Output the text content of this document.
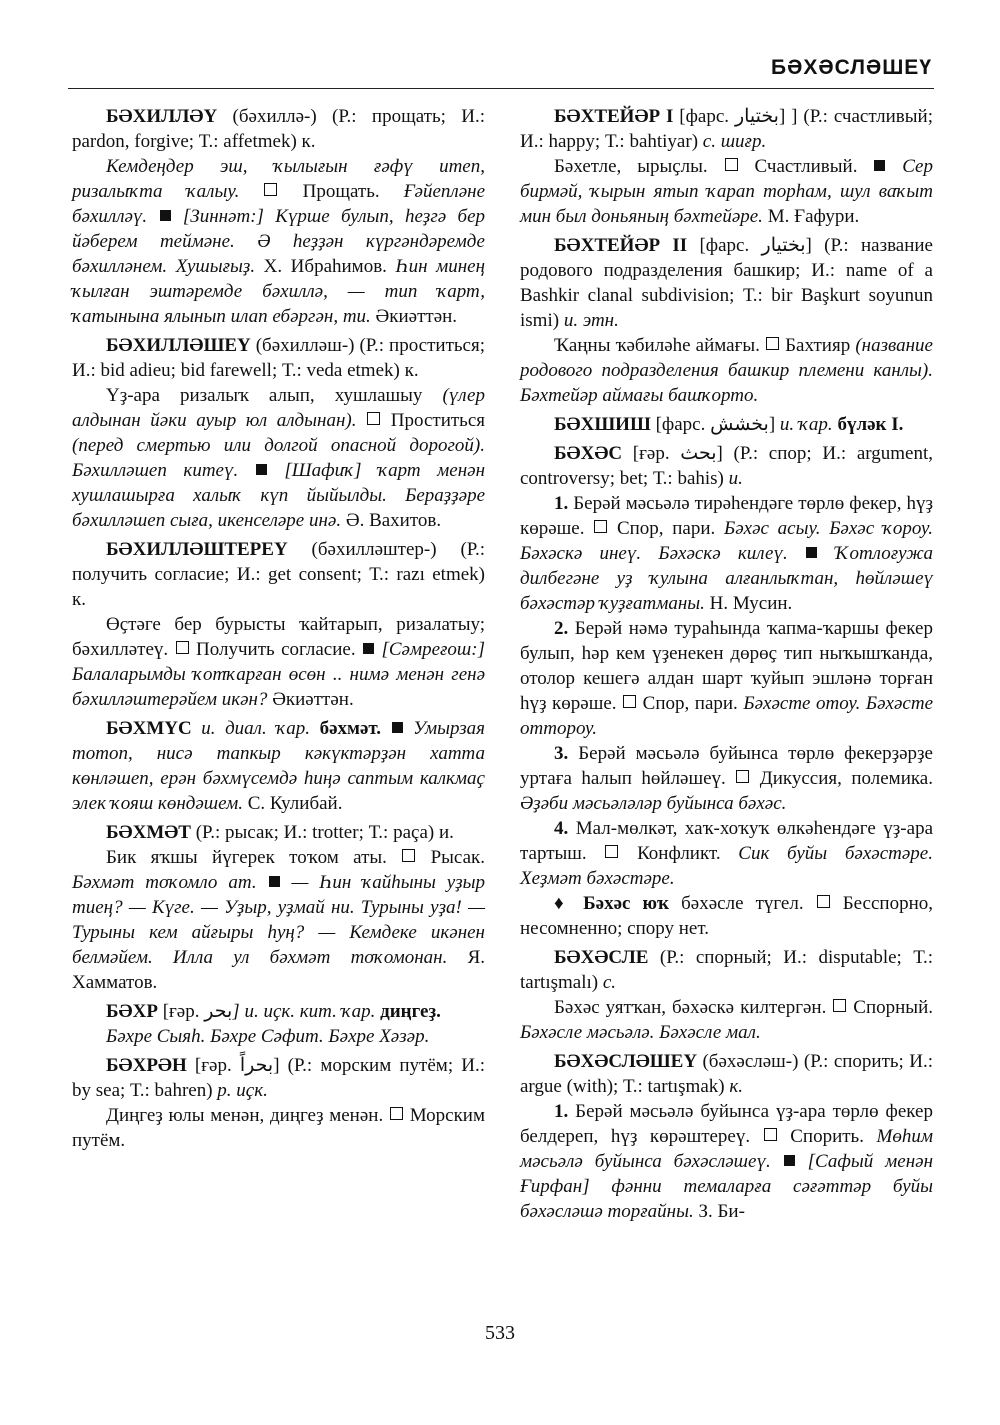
БӘХӘСЛӘШЕҮ

БӘХИЛЛӘҮ (бәхиллә-) (Р.: прощать; И.: pardon, forgive; Т.: affetmek) к.

Кемдеңдер эш, ҡылығын ғәфү итеп, ризалыҡта ҡалыу.  Прощать. Ғәйепләне бәхилләү.  [Зиннәт:] Күрше булып, һеҙгә бер йәберем теймәне. Ә һеҙҙән күргәндәремде бәхилләнем. Хушығыҙ. Х. Ибраһимов. Һин минең ҡылған эштәремде бәхиллә, — тип ҡарт, ҡатынына ялынып илап ебәргән, ти. Әкиәттән.

БӘХИЛЛӘШЕҮ (бәхилләш-) (Р.: проститься; И.: bid adieu; bid farewell; Т.: veda etmek) к.

Үҙ-ара ризалыҡ алып, хушлашыу (үлер алдынан йәки ауыр юл алдынан).  Проститься (перед смертью или долгой опасной дорогой). Бәхилләшеп китеү.  [Шафиҡ] ҡарт менән хушлашырға халыҡ күп йыйылды. Бераҙҙәре бәхилләшеп сыға, икенселәре инә. Ә. Вахитов.

БӘХИЛЛӘШТЕРЕҮ (бәхилләштер-) (Р.: получить согласие; И.: get consent; Т.: razı etmek) к.

Өҫтәге бер бурысты ҡайтарып, ризалатыу; бәхилләтеү.  Получить согласие.  [Сәмреғош:] Балаларымды ҡотҡарған өсөн .. нимә менән генә бәхилләштерәйем икән? Әкиәттән.

БӘХМҮС и. диал. ҡар. бәхмәт.  Умырзая тотоп, нисә тапкыр кәкүктәрҙән хатта көнләшеп, ерән бәхмүсемдә һиңә саптым калкмаҫ элек ҡояш көндәшем. С. Кулибай.

БӘХМӘТ (Р.: рысак; И.: trotter; Т.: paça) и.

Бик яҡшы йүгерек тоҡом аты.  Рысак. Бәхмәт тоҡомло ат.  — Һин ҡайһыны уҙыр тиең? — Күге. — Уҙыр, уҙмай ни. Турыны уҙа! — Турыны кем айғыры һуң? — Кемдеке икәнен белмәйем. Илла ул бәхмәт тоҡомонан. Я. Хамматов.

БӘХР [ғәр. بحر] и. иҫк. кит. ҡар. диңгеҙ.

Бәхре Сыяһ. Бәхре Сәфит. Бәхре Хәзәр.

БӘХРӘН [ғәр. بحراً] (Р.: морским путём; И.: by sea; Т.: bahren) р. иҫк.

Диңгеҙ юлы менән, диңгеҙ менән.  Морским путём.

БӘХТЕЙӘР I [фарс. بختيار] ] (Р.: счастливый; И.: happy; Т.: bahtiyar) с. шиғр.

Бәхетле, ырыҫлы.  Счастливый.  Сер бирмәй, ҡырын ятып ҡарап торһам, шул ваҡыт мин был доньяның бәхтейәре. М. Ғафури.

БӘХТЕЙӘР II [фарс. بختيار] (Р.: название родового подразделения башкир; И.: name of a Bashkir clanal subdivision; Т.: bir Başkurt soyunun ismi) и. этн.

Ҡаңны ҡәбиләһе аймағы.  Бахтияр (название родового подразделения башкир племени канлы). Бәхтейәр аймағы башҡорто.

БӘХШИШ [фарс. بخشش] и. ҡар. бүләк I.

БӘХӘС [ғәр. بحث] (Р.: спор; И.: argument, controversy; bet; Т.: bahis) и.

1. Берәй мәсьәлә тирәһендәге төрлө фекер, һүҙ көрәше.  Спор, пари. Бәхәс асыу. Бәхәс ҡороу. Бәхәскә инеү. Бәхәскә килеү.  Ҡотлоғужа дилбегәне уҙ ҡулына алғанлыҡтан, һөйләшеү бәхәстәр ҡуҙғатманы. Н. Мусин.

2. Берәй нәмә тураһында ҡапма-ҡаршы фекер булып, һәр кем үҙенекен дөрөҫ тип ныҡышҡанда, отолор кешегә алдан шарт ҡуйып эшләнә торған һүҙ көрәше.  Спор, пари. Бәхәсте отоу. Бәхәсте оттороу.

3. Берәй мәсьәлә буйынса төрлө фекерҙәрҙе уртаға һалып һөйләшеү.  Дикуссия, полемика. Әҙәби мәсьәләләр буйынса бәхәс.

4. Мал-мөлкәт, хаҡ-хоҡуҡ өлкәһендәге үҙ-ара тартыш.  Конфликт. Сик буйы бәхәстәре. Хеҙмәт бәхәстәре.

♦ Бәхәс юҡ бәхәсле түгел.  Бесспорно, несомненно; спору нет.

БӘХӘСЛЕ (Р.: спорный; И.: disputable; Т.: tartışmalı) с.

Бәхәс уятҡан, бәхәскә килтергән.  Спорный. Бәхәсле мәсьәлә. Бәхәсле мал.

БӘХӘСЛӘШЕҮ (бәхәсләш-) (Р.: спорить; И.: argue (with); Т.: tartışmak) к.

1. Берәй мәсьәлә буйынса үҙ-ара төрлө фекер белдереп, һүҙ көрәштереү.  Спорить. Мөһим мәсьәлә буйынса бәхәсләшеү.  [Сафый менән Ғирфан] фәнни темаларға сәғәттәр буйы бәхәсләшә торғайны. З. Би-

533
